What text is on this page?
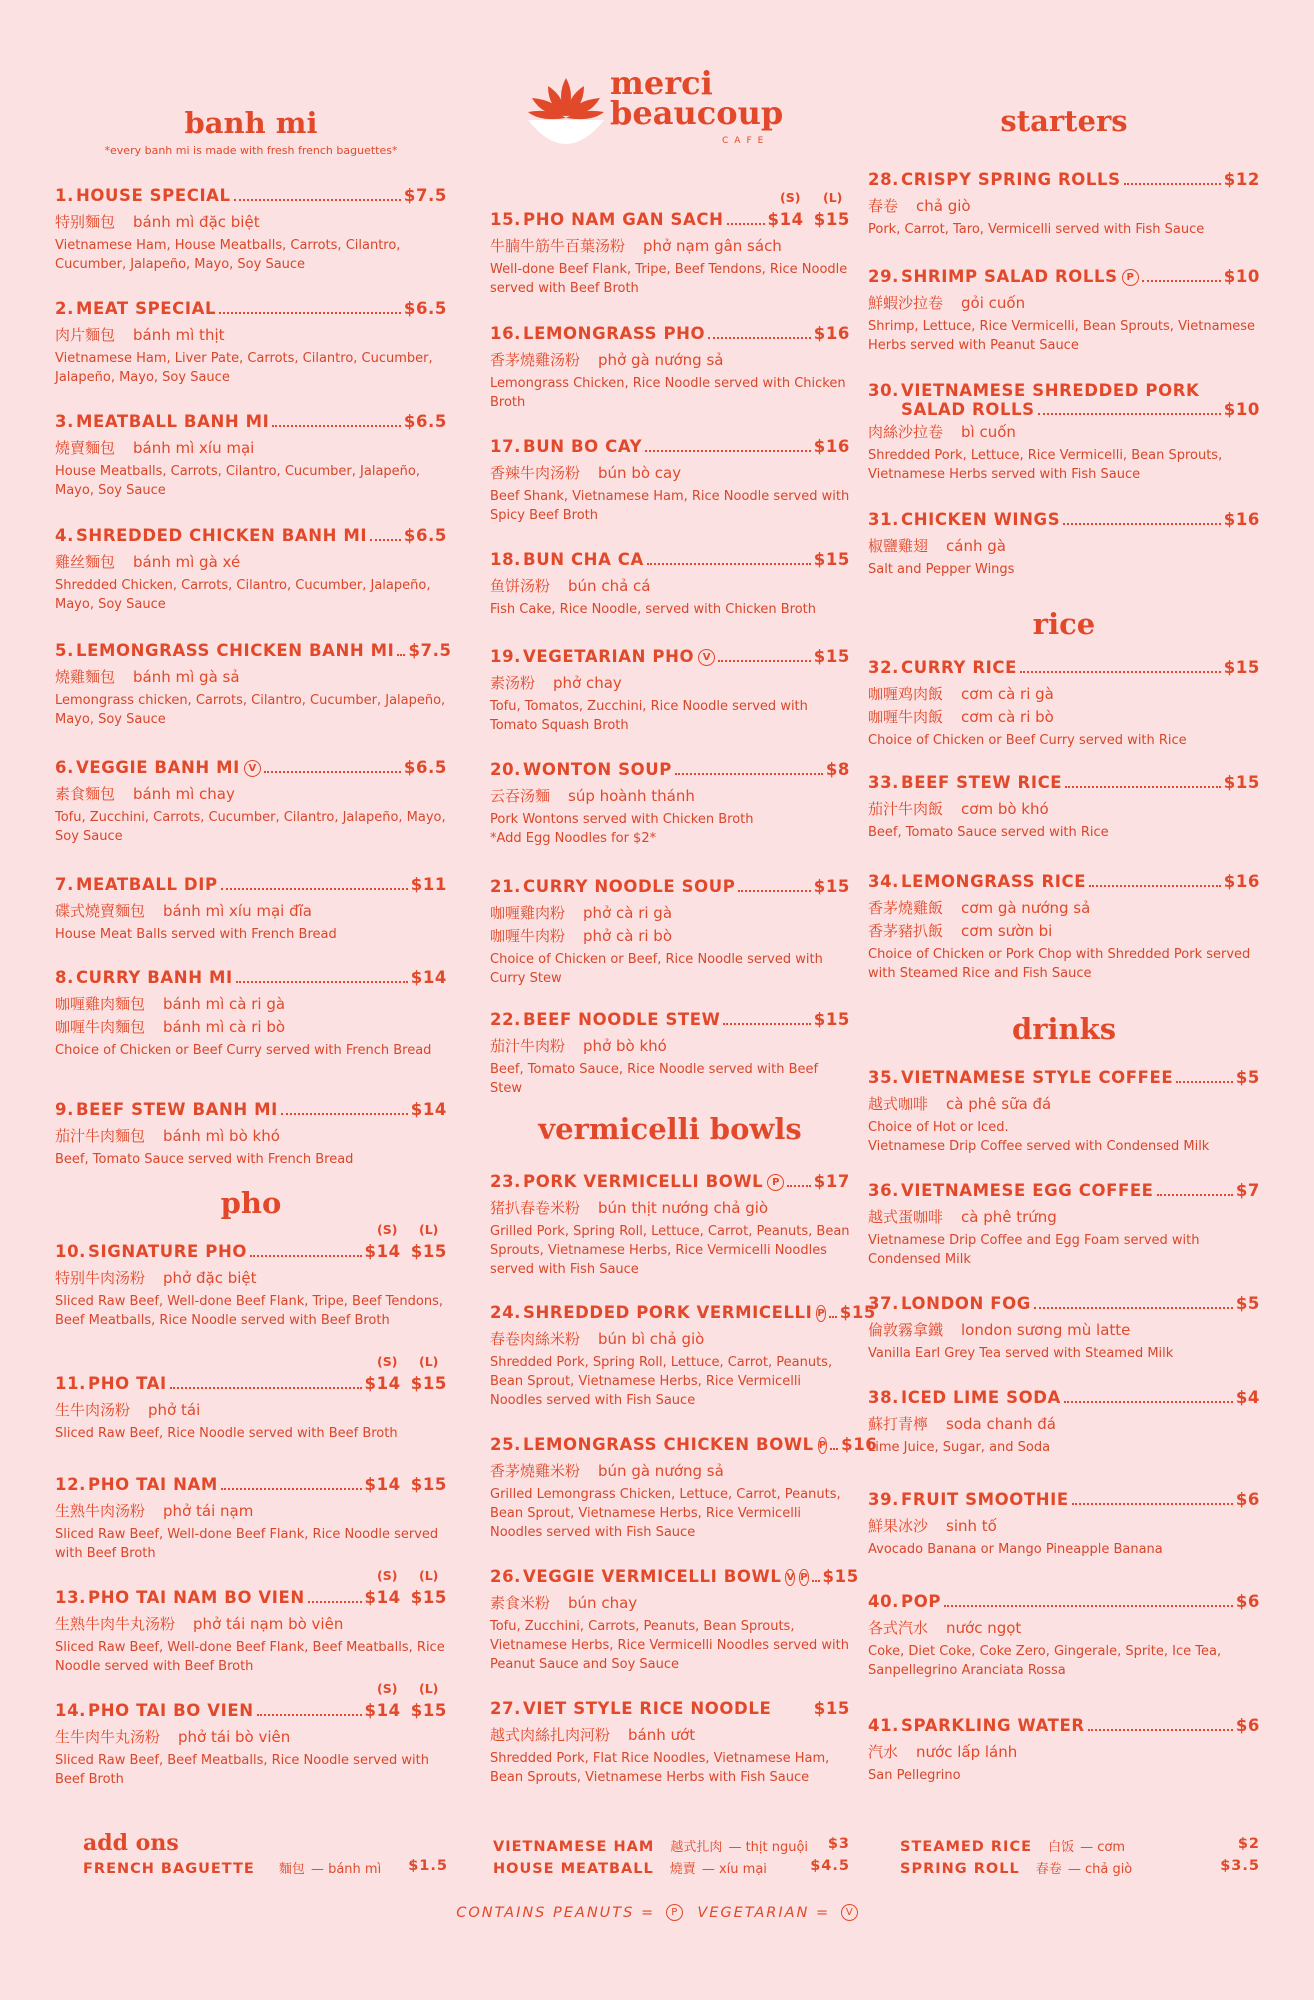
merci
beaucoup
CAFE
banh mi
*every banh mi is made with fresh french baguettes*
1. HOUSE SPECIAL	$7.5
特别麵包 bánh mì đặc biệt
Vietnamese Ham, House Meatballs, Carrots, Cilantro, Cucumber, Jalapeño, Mayo, Soy Sauce
2. MEAT SPECIAL	$6.5
肉片麵包 bánh mì thịt
Vietnamese Ham, Liver Pate, Carrots, Cilantro, Cucumber, Jalapeño, Mayo, Soy Sauce
3. MEATBALL BANH MI	$6.5
燒賣麵包 bánh mì xíu mại
House Meatballs, Carrots, Cilantro, Cucumber, Jalapeño, Mayo, Soy Sauce
4. SHREDDED CHICKEN BANH MI $6.5
雞丝麵包 bánh mì gà xé
Shredded Chicken, Carrots, Cilantro, Cucumber, Jalapeño, Mayo, Soy Sauce
5. LEMONGRASS CHICKEN BANH MI $7.5
燒雞麵包 bánh mì gà sả
Lemongrass chicken, Carrots, Cilantro, Cucumber, Jalapeño, Mayo, Soy Sauce
6. VEGGIE BANH MI V	$6.5
素食麵包 bánh mì chay
Tofu, Zucchini, Carrots, Cucumber, Cilantro, Jalapeño, Mayo, Soy Sauce
7. MEATBALL DIP	$11
碟式燒賣麵包 bánh mì xíu mại đĩa
House Meat Balls served with French Bread
8. CURRY BANH MI	$14
咖喱雞肉麵包 bánh mì cà ri gà
咖喱牛肉麵包 bánh mì cà ri bò
Choice of Chicken or Beef Curry served with French Bread
9. BEEF STEW BANH MI	$14
茄汁牛肉麵包 bánh mì bò khó
Beef, Tomato Sauce served with French Bread
pho
(S) (L)
10. SIGNATURE PHO	$14 $15
特别牛肉汤粉 phở đặc biệt
Sliced Raw Beef, Well-done Beef Flank, Tripe, Beef Tendons, Beef Meatballs, Rice Noodle served with Beef Broth
(S) (L)
11. PHO TAI	$14 $15
生牛肉汤粉 phở tái
Sliced Raw Beef, Rice Noodle served with Beef Broth
12. PHO TAI NAM	$14 $15
生熟牛肉汤粉 phở tái nạm
Sliced Raw Beef, Well-done Beef Flank, Rice Noodle served with Beef Broth
(S) (L)
13. PHO TAI NAM BO VIEN	$14 $15
生熟牛肉牛丸汤粉 phở tái nạm bò viên
Sliced Raw Beef, Well-done Beef Flank, Beef Meatballs, Rice Noodle served with Beef Broth
(S) (L)
14. PHO TAI BO VIEN	$14 $15
生牛肉牛丸汤粉 phở tái bò viên
Sliced Raw Beef, Beef Meatballs, Rice Noodle served with Beef Broth
add ons
FRENCH BAGUETTE 麵包 — bánh mì $1.5
(S) (L)
15. PHO NAM GAN SACH	$14 $15
牛腩牛筋牛百葉汤粉 phở nạm gân sách
Well-done Beef Flank, Tripe, Beef Tendons, Rice Noodle served with Beef Broth
16. LEMONGRASS PHO	$16
香茅燒雞汤粉 phở gà nướng sả
Lemongrass Chicken, Rice Noodle served with Chicken Broth
17. BUN BO CAY	$16
香辣牛肉汤粉 bún bò cay
Beef Shank, Vietnamese Ham, Rice Noodle served with Spicy Beef Broth
18. BUN CHA CA	$15
鱼饼汤粉 bún chả cá
Fish Cake, Rice Noodle, served with Chicken Broth
19. VEGETARIAN PHO V	$15
素汤粉 phở chay
Tofu, Tomatos, Zucchini, Rice Noodle served with Tomato Squash Broth
20. WONTON SOUP	$8
云吞汤麵 súp hoành thánh
Pork Wontons served with Chicken Broth
*Add Egg Noodles for $2*
21. CURRY NOODLE SOUP	$15
咖喱雞肉粉 phở cà ri gà
咖喱牛肉粉 phở cà ri bò
Choice of Chicken or Beef, Rice Noodle served with Curry Stew
22. BEEF NOODLE STEW	$15
茄汁牛肉粉 phở bò khó
Beef, Tomato Sauce, Rice Noodle served with Beef Stew
vermicelli bowls
23. PORK VERMICELLI BOWL P $17
猪扒春卷米粉 bún thịt nướng chả giò
Grilled Pork, Spring Roll, Lettuce, Carrot, Peanuts, Bean Sprouts, Vietnamese Herbs, Rice Vermicelli Noodles served with Fish Sauce
24. SHREDDED PORK VERMICELLI P $15
春卷肉絲米粉 bún bì chả giò
Shredded Pork, Spring Roll, Lettuce, Carrot, Peanuts, Bean Sprout, Vietnamese Herbs, Rice Vermicelli Noodles served with Fish Sauce
25. LEMONGRASS CHICKEN BOWL P $16
香茅燒雞米粉 bún gà nướng sả
Grilled Lemongrass Chicken, Lettuce, Carrot, Peanuts, Bean Sprout, Vietnamese Herbs, Rice Vermicelli Noodles served with Fish Sauce
26. VEGGIE VERMICELLI BOWL V P $15
素食米粉 bún chay
Tofu, Zucchini, Carrots, Peanuts, Bean Sprouts, Vietnamese Herbs, Rice Vermicelli Noodles served with Peanut Sauce and Soy Sauce
27. VIET STYLE RICE NOODLE	$15
越式肉絲扎肉河粉 bánh ướt
Shredded Pork, Flat Rice Noodles, Vietnamese Ham, Bean Sprouts, Vietnamese Herbs with Fish Sauce
VIETNAMESE HAM 越式扎肉 — thịt nguội $3
HOUSE MEATBALL 燒賣 — xíu mại	$4.5
starters
28. CRISPY SPRING ROLLS	$12
春卷 chả giò
Pork, Carrot, Taro, Vermicelli served with Fish Sauce
29. SHRIMP SALAD ROLLS P	$10
鮮蝦沙拉卷 gỏi cuốn
Shrimp, Lettuce, Rice Vermicelli, Bean Sprouts, Vietnamese Herbs served with Peanut Sauce
30. VIETNAMESE SHREDDED PORK
SALAD ROLLS	$10
肉絲沙拉卷 bì cuốn
Shredded Pork, Lettuce, Rice Vermicelli, Bean Sprouts, Vietnamese Herbs served with Fish Sauce
31. CHICKEN WINGS	$16
椒鹽雞翅 cánh gà
Salt and Pepper Wings
rice
32. CURRY RICE	$15
咖喱鸡肉飯 cơm cà ri gà
咖喱牛肉飯 cơm cà ri bò
Choice of Chicken or Beef Curry served with Rice
33. BEEF STEW RICE	$15
茄汁牛肉飯 cơm bò khó
Beef, Tomato Sauce served with Rice
34. LEMONGRASS RICE	$16
香茅燒雞飯 cơm gà nướng sả
香茅豬扒飯 cơm sườn bi
Choice of Chicken or Pork Chop with Shredded Pork served with Steamed Rice and Fish Sauce
drinks
35. VIETNAMESE STYLE COFFEE	$5
越式咖啡 cà phê sữa đá
Choice of Hot or Iced.
Vietnamese Drip Coffee served with Condensed Milk
36. VIETNAMESE EGG COFFEE	$7
越式蛋咖啡 cà phê trứng
Vietnamese Drip Coffee and Egg Foam served with Condensed Milk
37. LONDON FOG	$5
倫敦霧拿鐵 london sương mù latte
Vanilla Earl Grey Tea served with Steamed Milk
38. ICED LIME SODA	$4
蘇打青檸 soda chanh đá
Lime Juice, Sugar, and Soda
39. FRUIT SMOOTHIE	$6
鮮果冰沙 sinh tố
Avocado Banana or Mango Pineapple Banana
40. POP	$6
各式汽水 nước ngọt
Coke, Diet Coke, Coke Zero, Gingerale, Sprite, Ice Tea, Sanpellegrino Aranciata Rossa
41. SPARKLING WATER	$6
汽水 nước lấp lánh
San Pellegrino
STEAMED RICE 白饭 — cơm	$2
SPRING ROLL 春卷 — chả giò	$3.5
CONTAINS PEANUTS = P VEGETARIAN = V
